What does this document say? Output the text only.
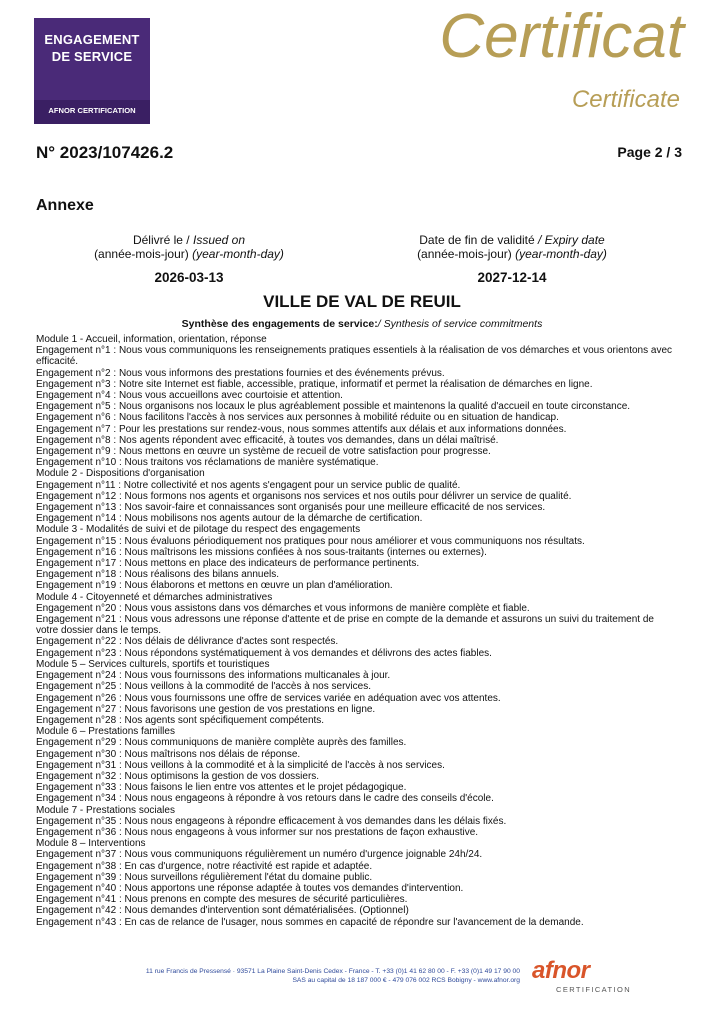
ENGAGEMENT
DE SERVICE
AFNOR CERTIFICATION
Certificat
Certificate
N° 2023/107426.2	Page 2 / 3
Annexe
Délivré le / Issued on
(année-mois-jour) (year-month-day)
2026-03-13
Date de fin de validité / Expiry date
(année-mois-jour) (year-month-day)
2027-12-14
VILLE DE VAL DE REUIL
Synthèse des engagements de service:/ Synthesis of service commitments
Module 1 - Accueil, information, orientation, réponse
Engagement n°1 : Nous vous communiquons les renseignements pratiques essentiels à la réalisation de vos démarches et vous orientons avec efficacité.
Engagement n°2 : Nous vous informons des prestations fournies et des événements prévus.
Engagement n°3 : Notre site Internet est fiable, accessible, pratique, informatif et permet la réalisation de démarches en ligne.
Engagement n°4 : Nous vous accueillons avec courtoisie et attention.
Engagement n°5 : Nous organisons nos locaux le plus agréablement possible et maintenons la qualité d'accueil en toute circonstance.
Engagement n°6 : Nous facilitons l'accès à nos services aux personnes à mobilité réduite ou en situation de handicap.
Engagement n°7 : Pour les prestations sur rendez-vous, nous sommes attentifs aux délais et aux informations données.
Engagement n°8 : Nos agents répondent avec efficacité, à toutes vos demandes, dans un délai maîtrisé.
Engagement n°9 : Nous mettons en œuvre un système de recueil de votre satisfaction pour progresse.
Engagement n°10 : Nous traitons vos réclamations de manière systématique.
Module 2 - Dispositions d'organisation
Engagement n°11 : Notre collectivité et nos agents s'engagent pour un service public de qualité.
Engagement n°12 : Nous formons nos agents et organisons nos services et nos outils pour délivrer un service de qualité.
Engagement n°13 : Nos savoir-faire et connaissances sont organisés pour une meilleure efficacité de nos services.
Engagement n°14 : Nous mobilisons nos agents autour de la démarche de certification.
Module 3 - Modalités de suivi et de pilotage du respect des engagements
Engagement n°15 : Nous évaluons périodiquement nos pratiques pour nous améliorer et vous communiquons nos résultats.
Engagement n°16 : Nous maîtrisons les missions confiées à nos sous-traitants (internes ou externes).
Engagement n°17 : Nous mettons en place des indicateurs de performance pertinents.
Engagement n°18 : Nous réalisons des bilans annuels.
Engagement n°19 : Nous élaborons et mettons en œuvre un plan d'amélioration.
Module 4 - Citoyenneté et démarches administratives
Engagement n°20 : Nous vous assistons dans vos démarches et vous informons de manière complète et fiable.
Engagement n°21 : Nous vous adressons une réponse d'attente et de prise en compte de la demande et assurons un suivi du traitement de votre dossier dans le temps.
Engagement n°22 : Nos délais de délivrance d'actes sont respectés.
Engagement n°23 : Nous répondons systématiquement à vos demandes et délivrons des actes fiables.
Module 5 – Services culturels, sportifs et touristiques
Engagement n°24 : Nous vous fournissons des informations multicanales à jour.
Engagement n°25 : Nous veillons à la commodité de l'accès à nos services.
Engagement n°26 : Nous vous fournissons une offre de services variée en adéquation avec vos attentes.
Engagement n°27 : Nous favorisons une gestion de vos prestations en ligne.
Engagement n°28 : Nos agents sont spécifiquement compétents.
Module 6 – Prestations familles
Engagement n°29 : Nous communiquons de manière complète auprès des familles.
Engagement n°30 : Nous maîtrisons nos délais de réponse.
Engagement n°31 : Nous veillons à la commodité et à la simplicité de l'accès à nos services.
Engagement n°32 : Nous optimisons la gestion de vos dossiers.
Engagement n°33 : Nous faisons le lien entre vos attentes et le projet pédagogique.
Engagement n°34 : Nous nous engageons à répondre à vos retours dans le cadre des conseils d'école.
Module 7 - Prestations sociales
Engagement n°35 : Nous nous engageons à répondre efficacement à vos demandes dans les délais fixés.
Engagement n°36 : Nous nous engageons à vous informer sur nos prestations de façon exhaustive.
Module 8 – Interventions
Engagement n°37 : Nous vous communiquons régulièrement un numéro d'urgence joignable 24h/24.
Engagement n°38 : En cas d'urgence, notre réactivité est rapide et adaptée.
Engagement n°39 : Nous surveillons régulièrement l'état du domaine public.
Engagement n°40 : Nous apportons une réponse adaptée à toutes vos demandes d'intervention.
Engagement n°41 : Nous prenons en compte des mesures de sécurité particulières.
Engagement n°42 : Nous demandes d'intervention sont dématérialisées. (Optionnel)
Engagement n°43 : En cas de relance de l'usager, nous sommes en capacité de répondre sur l'avancement de la demande.
11 rue Francis de Pressensé · 93571 La Plaine Saint-Denis Cedex - France - T. +33 (0)1 41 62 80 00 - F. +33 (0)1 49 17 90 00
SAS au capital de 18 187 000 € - 479 076 002 RCS Bobigny - www.afnor.org afnor
CERTIFICATION
